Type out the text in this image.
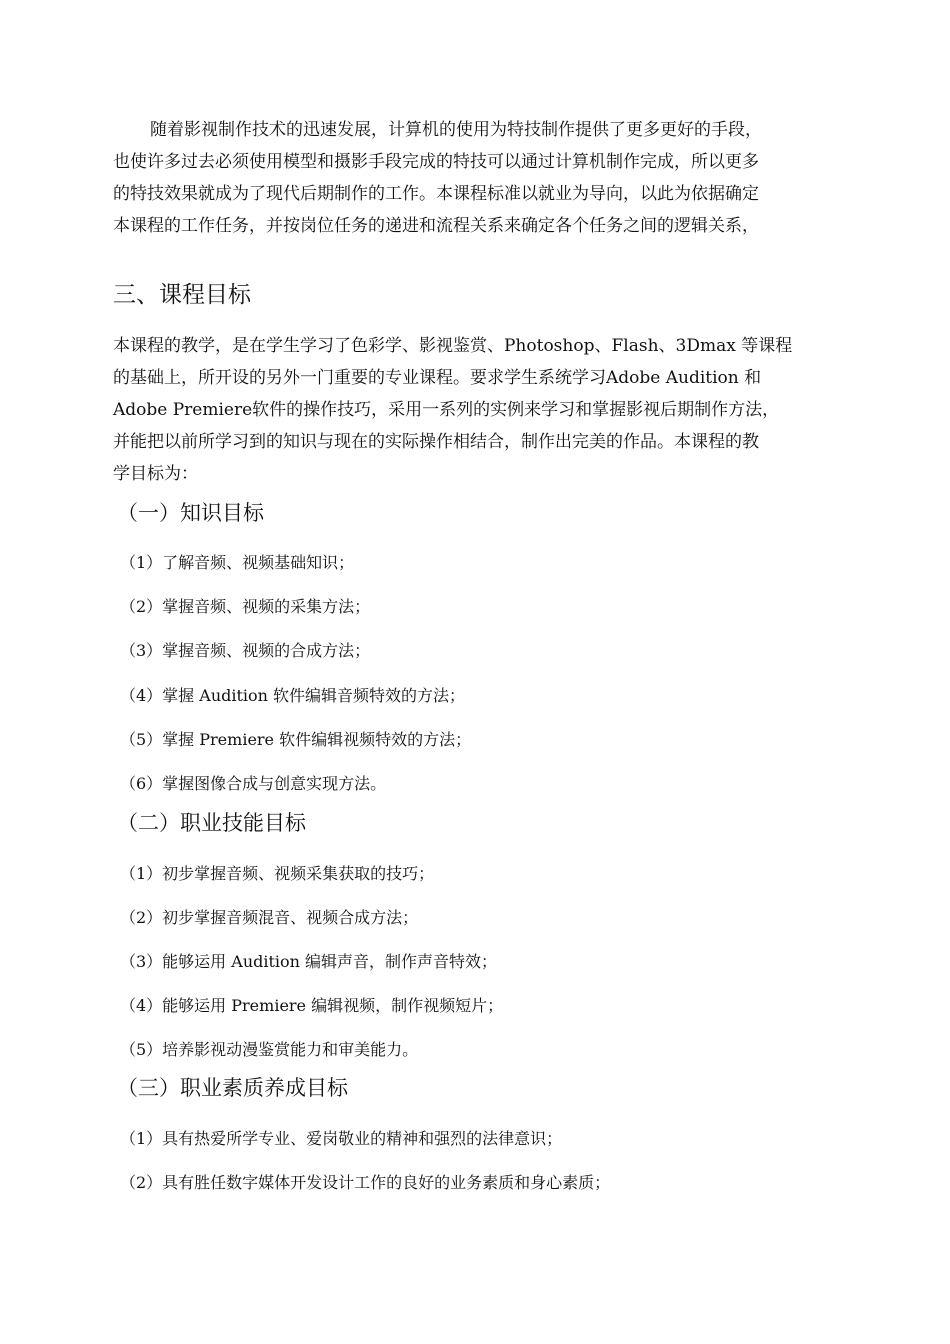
随着影视制作技术的迅速发展，计算机的使用为特技制作提供了更多更好的手段，
也使许多过去必须使用模型和摄影手段完成的特技可以通过计算机制作完成，所以更多
的特技效果就成为了现代后期制作的工作。本课程标准以就业为导向，以此为依据确定
本课程的工作任务，并按岗位任务的递进和流程关系来确定各个任务之间的逻辑关系，
三、课程目标
本课程的教学，是在学生学习了色彩学、影视鉴赏、Photoshop、Flash、3Dmax 等课程
的基础上，所开设的另外一门重要的专业课程。要求学生系统学习Adobe Audition 和
Adobe Premiere软件的操作技巧，采用一系列的实例来学习和掌握影视后期制作方法，
并能把以前所学习到的知识与现在的实际操作相结合，制作出完美的作品。本课程的教
学目标为：
（一）知识目标
（1）了解音频、视频基础知识；
（2）掌握音频、视频的采集方法；
（3）掌握音频、视频的合成方法；
（4）掌握 Audition 软件编辑音频特效的方法；
（5）掌握 Premiere 软件编辑视频特效的方法；
（6）掌握图像合成与创意实现方法。
（二）职业技能目标
（1）初步掌握音频、视频采集获取的技巧；
（2）初步掌握音频混音、视频合成方法；
（3）能够运用 Audition 编辑声音，制作声音特效；
（4）能够运用 Premiere 编辑视频，制作视频短片；
（5）培养影视动漫鉴赏能力和审美能力。
（三）职业素质养成目标
（1）具有热爱所学专业、爱岗敬业的精神和强烈的法律意识；
（2）具有胜任数字媒体开发设计工作的良好的业务素质和身心素质；
